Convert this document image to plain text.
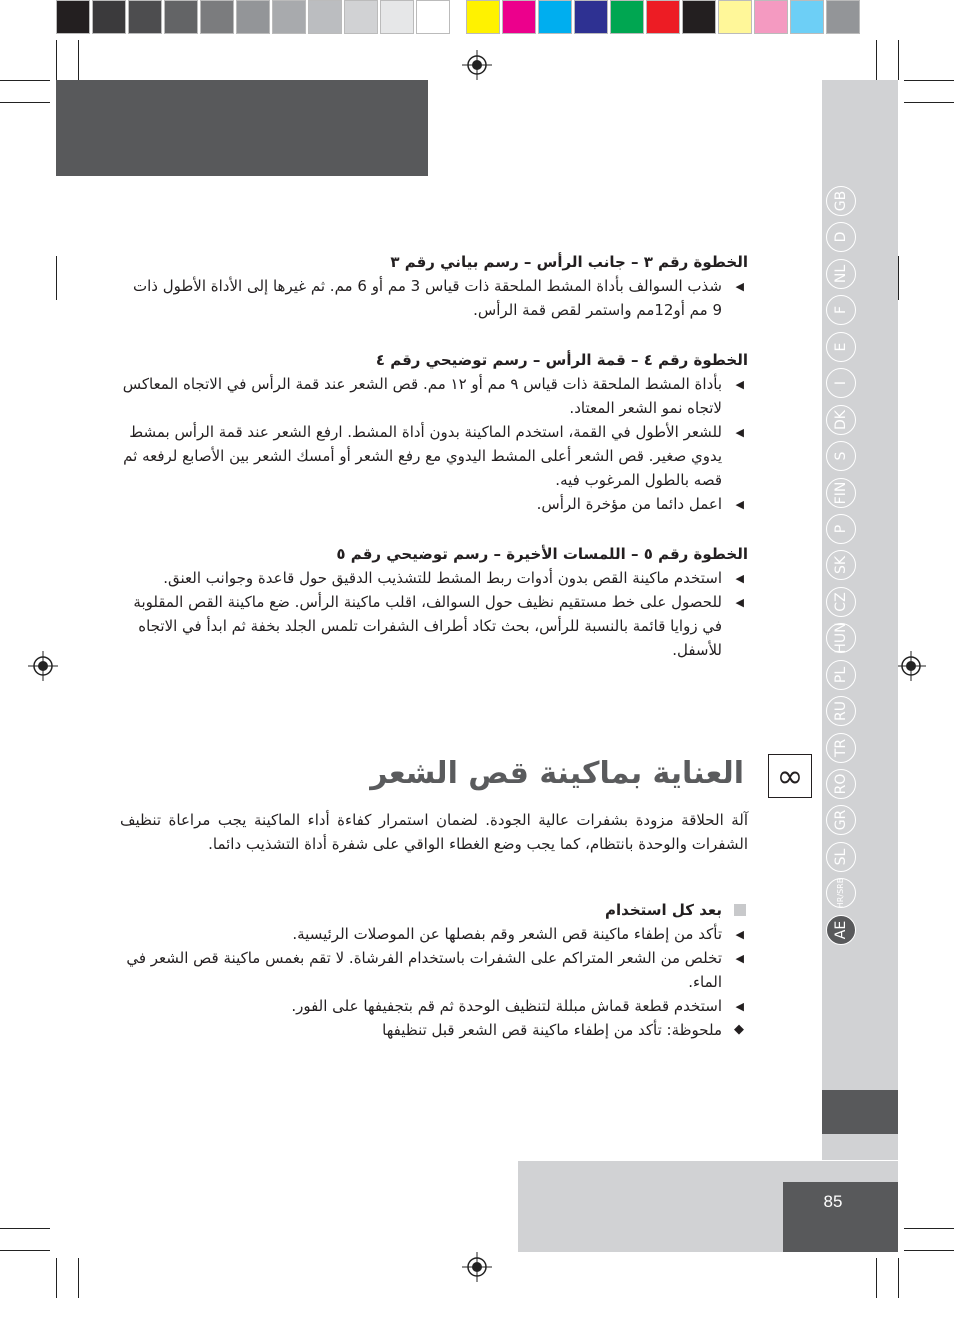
GB
D
NL
F
E
I
DK
S
FIN
P
SK
CZ
HUN
PL
RU
TR
RO
GR
SL
HR/SRB
AE
85

الخطوة رقم ٣ – جانب الرأس – رسم بياني رقم ٣

◀
شذب السوالف بأداة المشط الملحقة ذات قياس 3 مم أو 6 مم. ثم غيرها إلى الأداة الأطول ذات 9 مم أو12مم واستمر لقص قمة الرأس.

الخطوة رقم ٤ – قمة الرأس – رسم توضيحي رقم ٤

◀
بأداة المشط الملحقة ذات قياس ٩ مم أو ١٢ مم. قص الشعر عند قمة الرأس في الاتجاه المعاكس لاتجاه نمو الشعر المعتاد.
◀
للشعر الأطول في القمة، استخدم الماكينة بدون أداة المشط. ارفع الشعر عند قمة الرأس بمشط يدوي صغير. قص الشعر أعلى المشط اليدوي مع رفع الشعر أو أمسك الشعر بين الأصابع لرفعه ثم قصه بالطول المرغوب فيه.
◀
اعمل دائما من مؤخرة الرأس.

الخطوة رقم ٥ – اللمسات الأخيرة – رسم توضيحي رقم ٥

◀
استخدم ماكينة القص بدون أدوات ربط المشط للتشذيب الدقيق حول قاعدة وجوانب العنق.
◀
للحصول على خط مستقيم نظيف حول السوالف، اقلب ماكينة الرأس. ضع ماكينة القص المقلوبة في زوايا قائمة بالنسبة للرأس، بحث تكاد أطراف الشفرات تلمس الجلد بخفة ثم ابدأ في الاتجاه للأسفل.
العناية بماكينة قص الشعر ∞
آلة الحلاقة مزودة بشفرات عالية الجودة. لضمان استمرار كفاءة أداء الماكينة يجب مراعاة تنظيف الشفرات والوحدة بانتظام، كما يجب وضع الغطاء الواقي على شفرة أداة التشذيب دائما.
بعد كل استخدام
◀
تأكد من إطفاء ماكينة قص الشعر وقم بفصلها عن الموصلات الرئيسية.
◀
تخلص من الشعر المتراكم على الشفرات باستخدام الفرشاة. لا تقم بغمس ماكينة قص الشعر في الماء.
◀
استخدم قطعة قماش مبللة لتنظيف الوحدة ثم قم بتجفيفها على الفور.
◆
ملحوظة: تأكد من إطفاء ماكينة قص الشعر قبل تنظيفها
